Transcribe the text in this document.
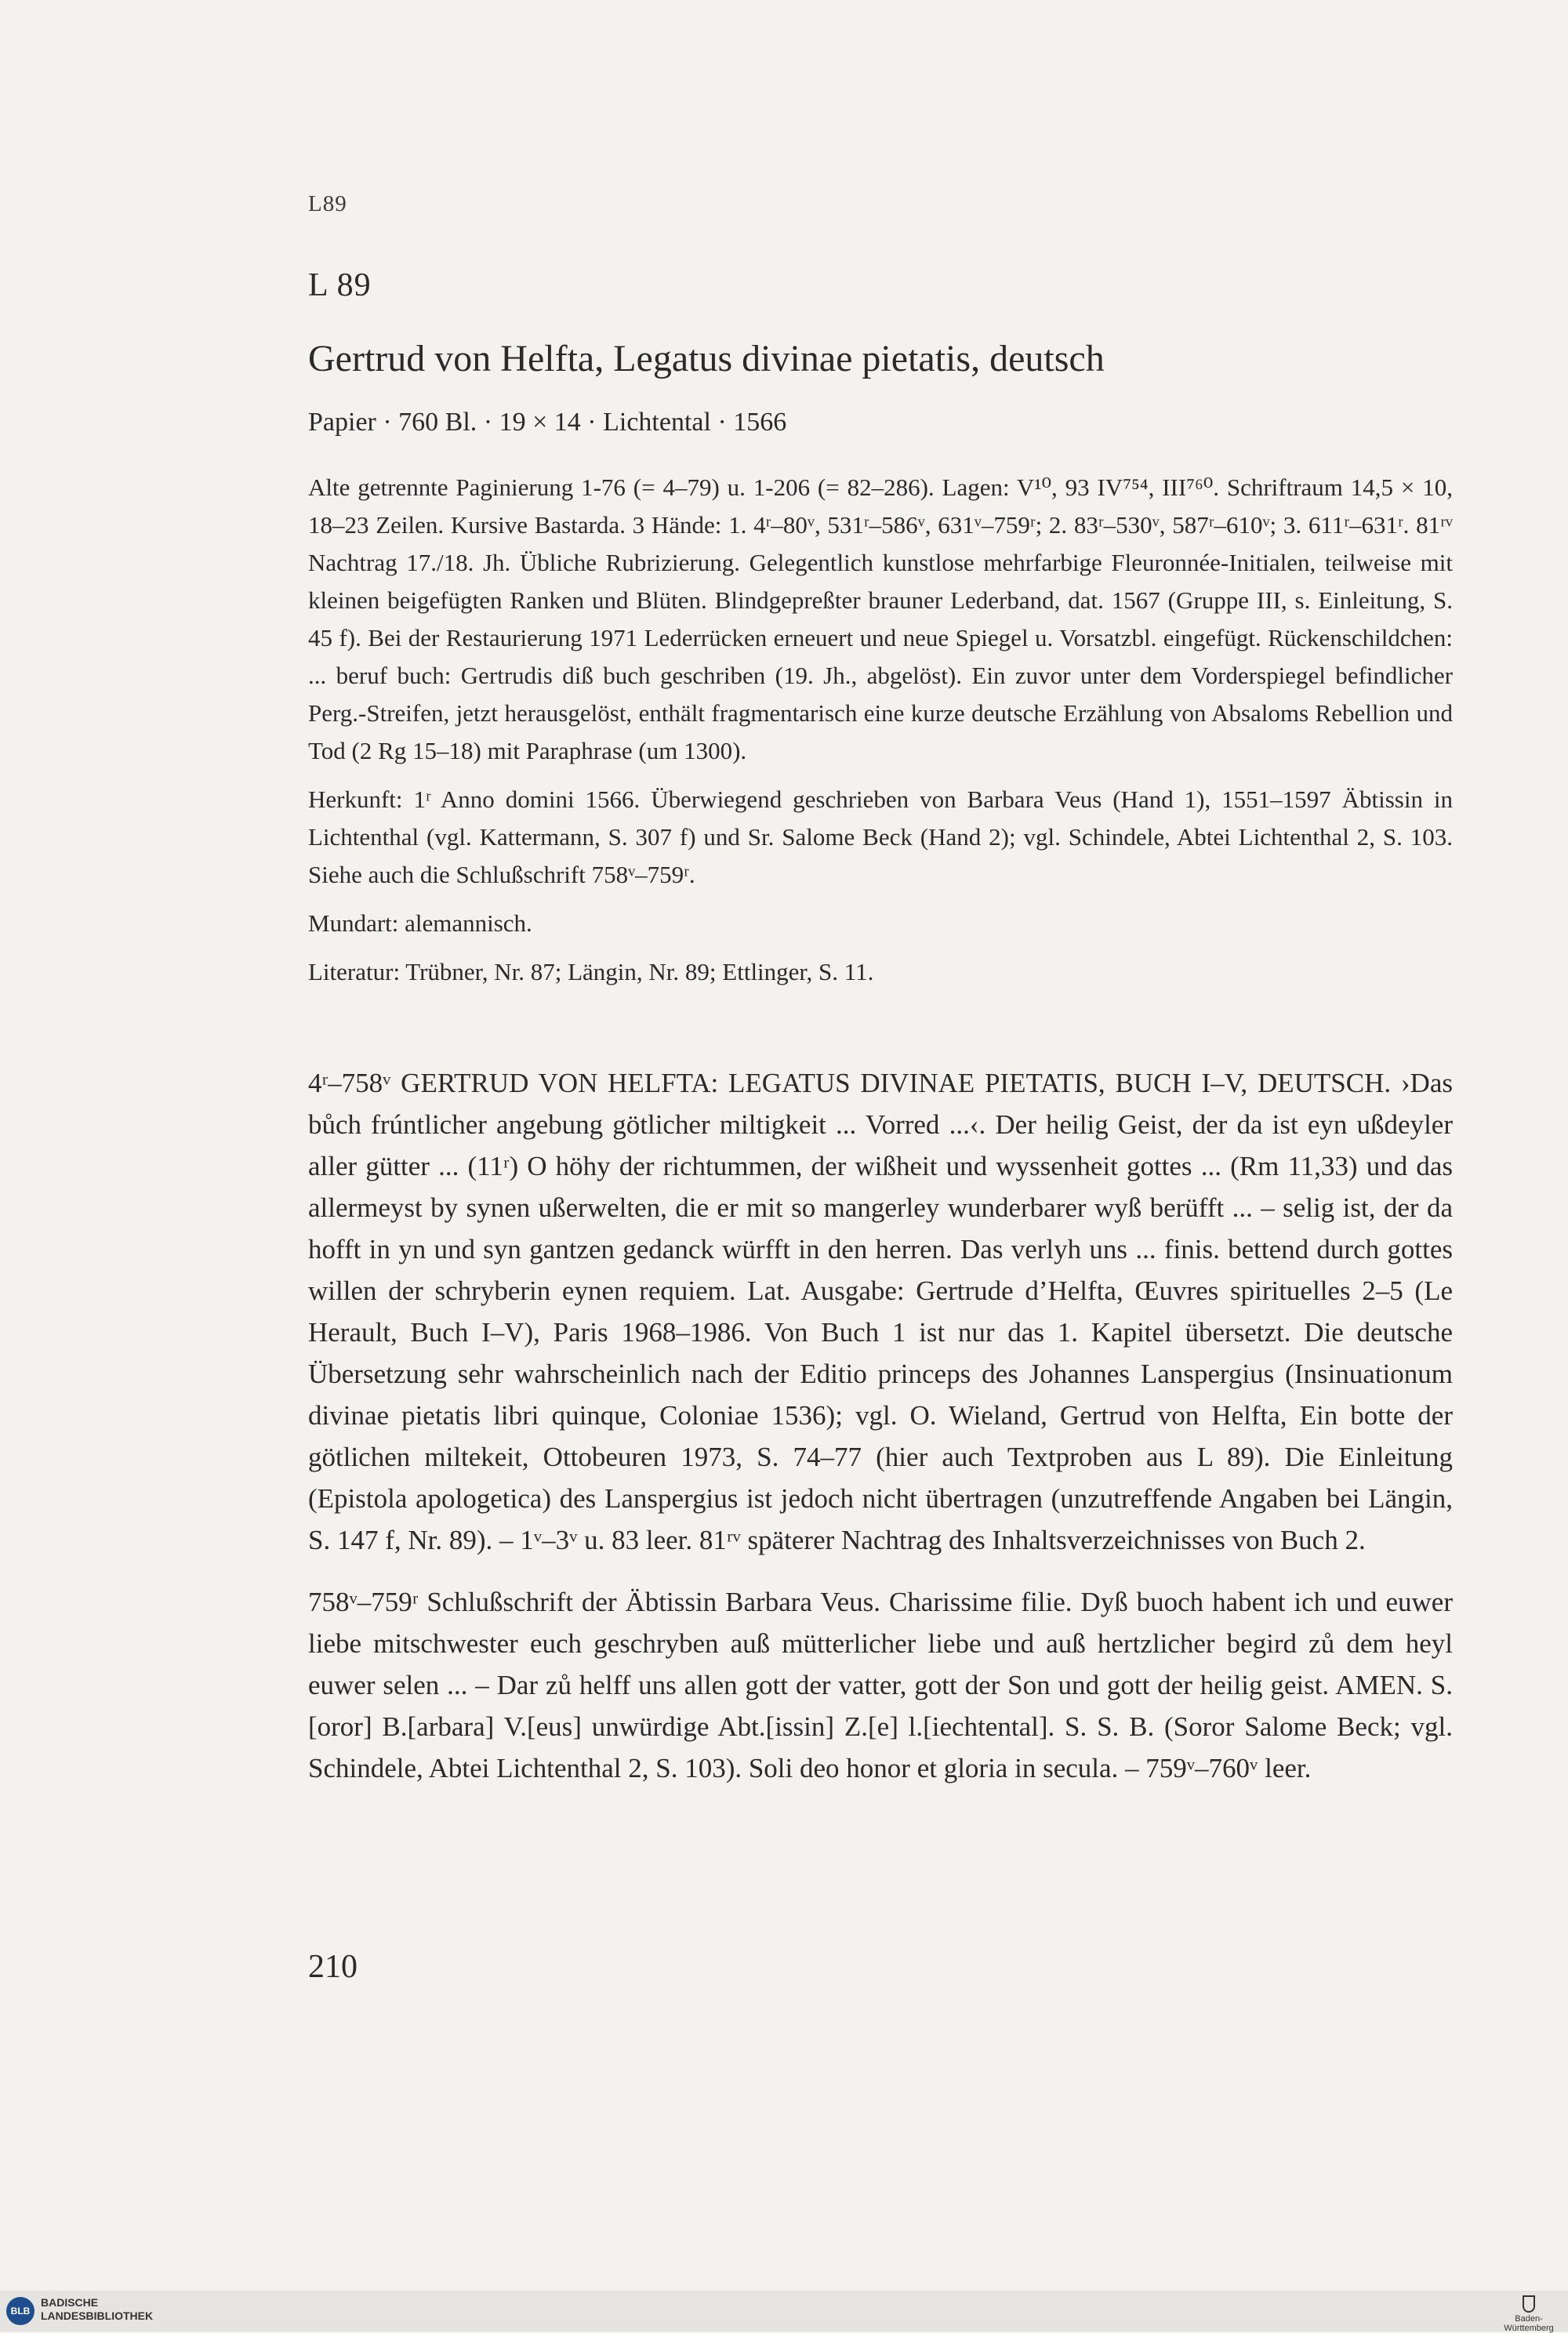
L89
L 89
Gertrud von Helfta, Legatus divinae pietatis, deutsch
Papier · 760 Bl. · 19 × 14 · Lichtental · 1566

Alte getrennte Paginierung 1-76 (= 4–79) u. 1-206 (= 82–286). Lagen: V¹⁰, 93 IV⁷⁵⁴, III⁷⁶⁰. Schriftraum 14,5 × 10, 18–23 Zeilen. Kursive Bastarda. 3 Hände: 1. 4ʳ–80ᵛ, 531ʳ–586ᵛ, 631ᵛ–759ʳ; 2. 83ʳ–530ᵛ, 587ʳ–610ᵛ; 3. 611ʳ–631ʳ. 81ʳᵛ Nachtrag 17./18. Jh. Übliche Rubrizierung. Gelegentlich kunstlose mehrfarbige Fleuronnée-Initialen, teilweise mit kleinen beigefügten Ranken und Blüten. Blindgepreßter brauner Lederband, dat. 1567 (Gruppe III, s. Einleitung, S. 45 f). Bei der Restaurierung 1971 Lederrücken erneuert und neue Spiegel u. Vorsatzbl. eingefügt. Rückenschildchen: ... beruf buch: Gertrudis diß buch geschriben (19. Jh., abgelöst). Ein zuvor unter dem Vorderspiegel befindlicher Perg.-Streifen, jetzt herausgelöst, enthält fragmentarisch eine kurze deutsche Erzählung von Absaloms Rebellion und Tod (2 Rg 15–18) mit Paraphrase (um 1300).

Herkunft: 1ʳ Anno domini 1566. Überwiegend geschrieben von Barbara Veus (Hand 1), 1551–1597 Äbtissin in Lichtenthal (vgl. Kattermann, S. 307 f) und Sr. Salome Beck (Hand 2); vgl. Schindele, Abtei Lichtenthal 2, S. 103. Siehe auch die Schlußschrift 758ᵛ–759ʳ.

Mundart: alemannisch.

Literatur: Trübner, Nr. 87; Längin, Nr. 89; Ettlinger, S. 11.

4ʳ–758ᵛ GERTRUD VON HELFTA: LEGATUS DIVINAE PIETATIS, BUCH I–V, DEUTSCH. ›Das bůch frúntlicher angebung götlicher miltigkeit ... Vorred ...‹. Der heilig Geist, der da ist eyn ußdeyler aller gütter ... (11ʳ) O höhy der richtummen, der wißheit und wyssenheit gottes ... (Rm 11,33) und das allermeyst by synen ußerwelten, die er mit so mangerley wunderbarer wyß berüfft ... – selig ist, der da hofft in yn und syn gantzen gedanck würfft in den herren. Das verlyh uns ... finis. bettend durch gottes willen der schryberin eynen requiem. Lat. Ausgabe: Gertrude d’Helfta, Œuvres spirituelles 2–5 (Le Herault, Buch I–V), Paris 1968–1986. Von Buch 1 ist nur das 1. Kapitel übersetzt. Die deutsche Übersetzung sehr wahrscheinlich nach der Editio princeps des Johannes Lanspergius (Insinuationum divinae pietatis libri quinque, Coloniae 1536); vgl. O. Wieland, Gertrud von Helfta, Ein botte der götlichen miltekeit, Ottobeuren 1973, S. 74–77 (hier auch Textproben aus L 89). Die Einleitung (Epistola apologetica) des Lanspergius ist jedoch nicht übertragen (unzutreffende Angaben bei Längin, S. 147 f, Nr. 89). – 1ᵛ–3ᵛ u. 83 leer. 81ʳᵛ späterer Nachtrag des Inhaltsverzeichnisses von Buch 2.

758ᵛ–759ʳ Schlußschrift der Äbtissin Barbara Veus. Charissime filie. Dyß buoch habent ich und euwer liebe mitschwester euch geschryben auß mütterlicher liebe und auß hertzlicher begird zů dem heyl euwer selen ... – Dar zů helff uns allen gott der vatter, gott der Son und gott der heilig geist. AMEN. S.[oror] B.[arbara] V.[eus] unwürdige Abt.[issin] Z.[e] l.[iechtental]. S. S. B. (Soror Salome Beck; vgl. Schindele, Abtei Lichtenthal 2, S. 103). Soli deo honor et gloria in secula. – 759ᵛ–760ᵛ leer.

210
BLB
BADISCHE
LANDESBIBLIOTHEK	Baden-Württemberg
